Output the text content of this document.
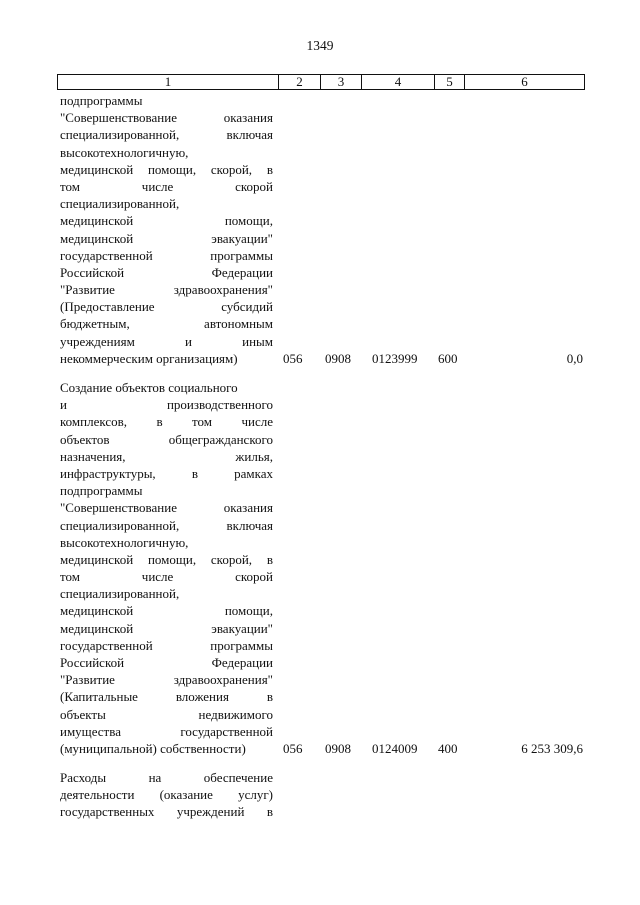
1349
1	2	3	4	5	6
подпрограммы
"Совершенствование	оказания
специализированной,	включая
высокотехнологичную,
медицинской помощи, скорой, в
том	числе	скорой
специализированной,
медицинской	помощи,
медицинской	эвакуации"
государственной	программы
Российской	Федерации
"Развитие	здравоохранения"
(Предоставление	субсидий
бюджетным,	автономным
учреждениям	и	иным
некоммерческим организациям)	056 0908 0123999 600	0,0
Создание объектов социального
и	производственного
комплексов, в том числе
объектов	общегражданского
назначения,	жилья,
инфраструктуры,	в	рамках
подпрограммы
"Совершенствование	оказания
специализированной,	включая
высокотехнологичную,
медицинской помощи, скорой, в
том	числе	скорой
специализированной,
медицинской	помощи,
медицинской	эвакуации"
государственной	программы
Российской	Федерации
"Развитие	здравоохранения"
(Капитальные	вложения	в
объекты	недвижимого
имущества	государственной
(муниципальной) собственности)	056 0908 0124009 400	6 253 309,6
Расходы	на	обеспечение
деятельности (оказание услуг)
государственных учреждений в
